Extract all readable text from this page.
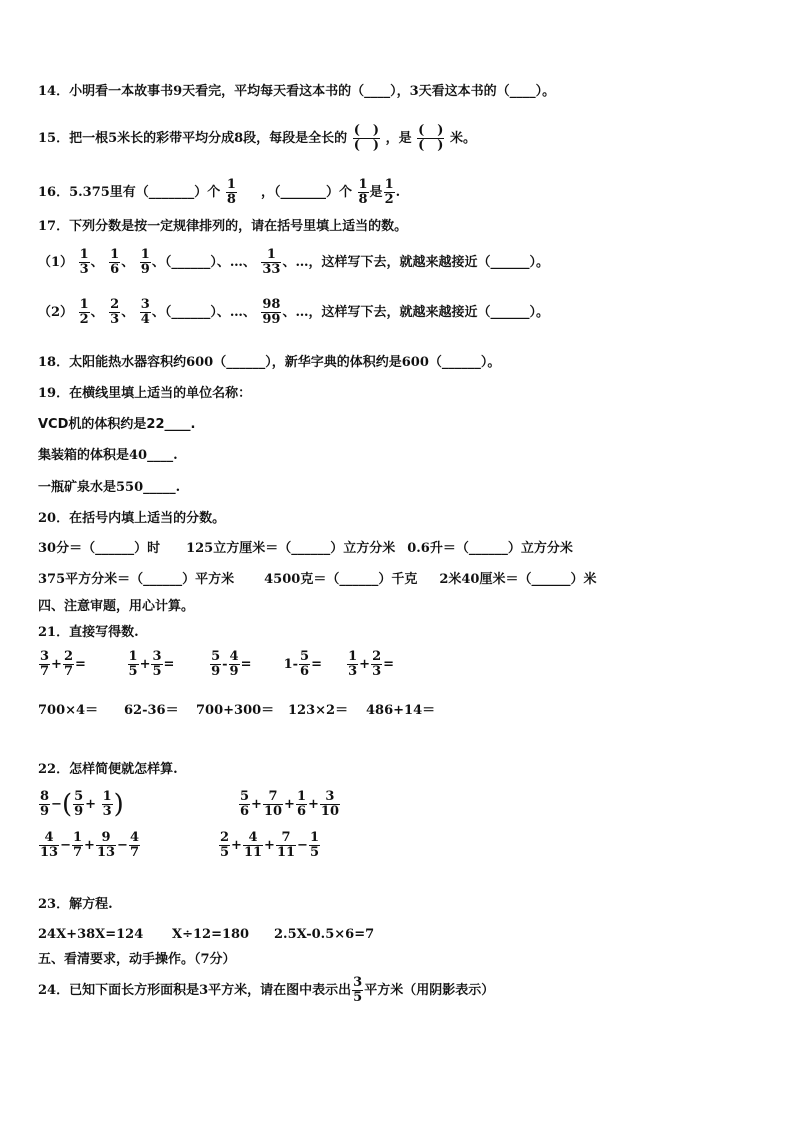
14．小明看一本故事书9天看完，平均每天看这本书的（____），3天看这本书的（____）。
15．把一根5米长的彩带平均分成8段，每段是全长的
(　)
(　) ，是
(　)
(　) 米。
16．5.375里有（_______）个 $\frac{1}{8}$ ，（_______）个 $\frac{1}{8}$ 是 $\frac{1}{2}$ .
17．下列分数是按一定规律排列的，请在括号里填上适当的数。
$(1) \frac{1}{3}$ 、 $\frac{1}{6}$ 、 $\frac{1}{9}$ 、（______）、…、 $\frac{1}{33}$ 、…，这样写下去，就越来越接近（______）。
$(2) \frac{1}{2}$ 、 $\frac{2}{3}$ 、 $\frac{3}{4}$ 、（______）、…、 $\frac{98}{99}$ 、…，这样写下去，就越来越接近（______）。
18．太阳能热水器容积约600（______），新华字典的体积约是600（______）。
19．在横线里填上适当的单位名称：
VCD机的体积约是22____.
集装箱的体积是40____.
一瓶矿泉水是550_____.
20．在括号内填上适当的分数。
30分＝（______）时 125立方厘米＝（______）立方分米 0.6升＝（______）立方分米
375平方分米＝（______）平方米 4500克＝（______）千克 2米40厘米＝（______）米
四、注意审题，用心计算。
21．直接写得数.
$\frac{3}{7} + \frac{2}{7}$ =	$\frac{1}{5} + \frac{3}{5}$ =	$\frac{5}{9} - \frac{4}{9} = 1- \frac{5}{6} = \frac{1}{3} + \frac{2}{3}$ =
700×4＝ 62-36＝ 700+300＝ 123×2＝ 486+14＝
22．怎样简便就怎样算.
$\frac{8}{9}$ −( $\frac{5}{9} + \frac{1}{3}$ )	$\frac{5}{6} + \frac{7}{10} + \frac{1}{6} + \frac{3}{10}$
$\frac{4}{13} - \frac{1}{7} + \frac{9}{13} - \frac{4}{7}$	$\frac{2}{5} + \frac{4}{11} + \frac{7}{11} - \frac{1}{5}$
23．解方程.
24X+38X=124 X÷12=180 2.5X-0.5×6=7
五、看清要求，动手操作。（7分）
24．已知下面长方形面积是3平方米，请在图中表示出 $\frac{3}{5}$ 平方米（用阴影表示）
